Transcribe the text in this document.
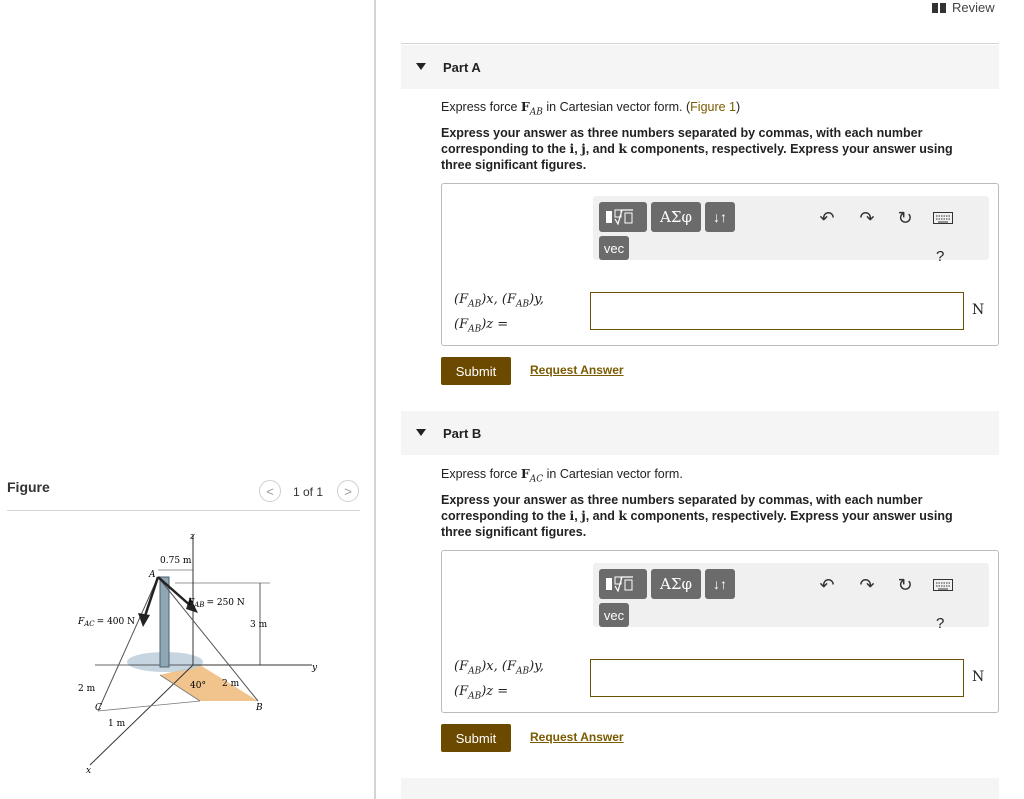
Figure	< 1 of 1 >
0.75 m
A
z
$F_{AB} = 250$ N
$F_{AC} = 400$ N	3 m
y
40° 2 m
2 m
C	B
1 m
x
Review
Part A
Express force $F_{AB}$ in Cartesian vector form. (Figure 1)
Express your answer as three numbers separated by commas, with each number corresponding to the i, j, and k components, respectively. Express your answer using three significant figures.
ΑΣφ	↓↑
vec
↶ ↷ ↻
?
$(F_{AB})x$, $(F_{AB})y$,
$(F_{AB})z$ =
N
Submit	Request Answer
Part B
Express force $F_{AC}$ in Cartesian vector form.
Express your answer as three numbers separated by commas, with each number corresponding to the i, j, and k components, respectively. Express your answer using three significant figures.
ΑΣφ	↓↑
vec
↶ ↷ ↻
?
$(F_{AB})x$, $(F_{AB})y$,
$(F_{AB})z$ =
N
Submit	Request Answer
